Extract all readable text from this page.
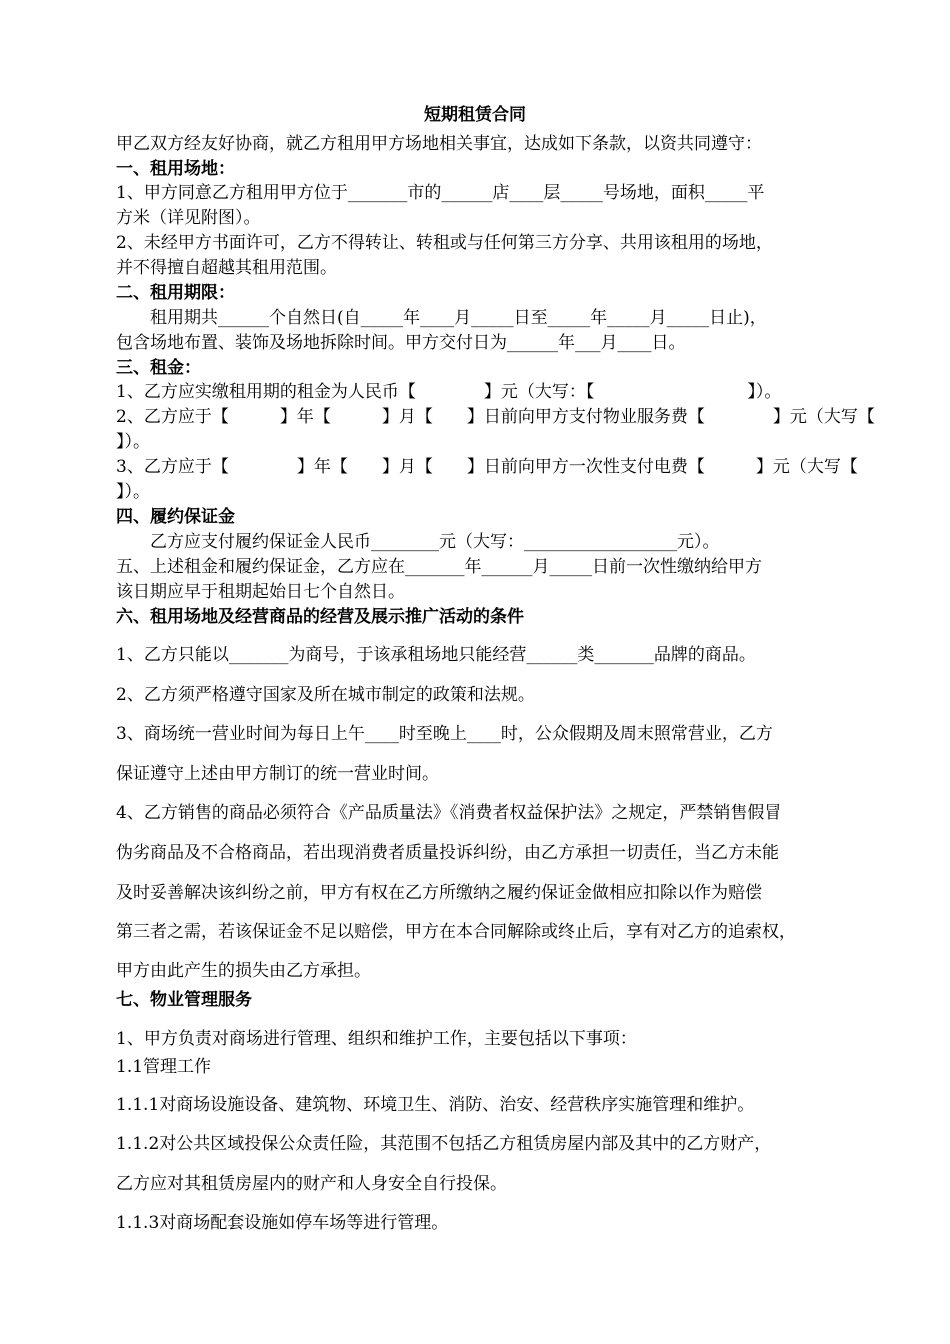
短期租赁合同
甲乙双方经友好协商，就乙方租用甲方场地相关事宜，达成如下条款，以资共同遵守：
一、租用场地：
1、甲方同意乙方租用甲方位于_______市的______店____层_____号场地，面积_____平
方米（详见附图）。
2、未经甲方书面许可，乙方不得转让、转租或与任何第三方分享、共用该租用的场地，
并不得擅自超越其租用范围。
二、租用期限：
　　租用期共______个自然日(自_____年____月_____日至_____年_____月_____日止)，
包含场地布置、装饰及场地拆除时间。甲方交付日为______年___月____日。
三、租金：
1、乙方应实缴租用期的租金为人民币【　　　　】元（大写：【　　　　　　　　　】）。
2、乙方应于【　　　】年【　　　】月【　　】日前向甲方支付物业服务费【　　　　】元（大写【
】）。
3、乙方应于【　　　　】年【　　】月【　　】日前向甲方一次性支付电费【　　　】元（大写【
】）。
四、履约保证金
　　乙方应支付履约保证金人民币________元（大写：__________________元）。
五、上述租金和履约保证金，乙方应在_______年______月_____日前一次性缴纳给甲方
该日期应早于租期起始日七个自然日。
六、租用场地及经营商品的经营及展示推广活动的条件
1、乙方只能以_______为商号，于该承租场地只能经营______类_______品牌的商品。
2、乙方须严格遵守国家及所在城市制定的政策和法规。
3、商场统一营业时间为每日上午____时至晚上____时，公众假期及周末照常营业，乙方
保证遵守上述由甲方制订的统一营业时间。
4、乙方销售的商品必须符合《产品质量法》《消费者权益保护法》之规定，严禁销售假冒
伪劣商品及不合格商品，若出现消费者质量投诉纠纷，由乙方承担一切责任，当乙方未能
及时妥善解决该纠纷之前，甲方有权在乙方所缴纳之履约保证金做相应扣除以作为赔偿
第三者之需，若该保证金不足以赔偿，甲方在本合同解除或终止后，享有对乙方的追索权，
甲方由此产生的损失由乙方承担。
七、物业管理服务
1、甲方负责对商场进行管理、组织和维护工作，主要包括以下事项：
1.1管理工作
1.1.1对商场设施设备、建筑物、环境卫生、消防、治安、经营秩序实施管理和维护。
1.1.2对公共区域投保公众责任险，其范围不包括乙方租赁房屋内部及其中的乙方财产，
乙方应对其租赁房屋内的财产和人身安全自行投保。
1.1.3对商场配套设施如停车场等进行管理。
